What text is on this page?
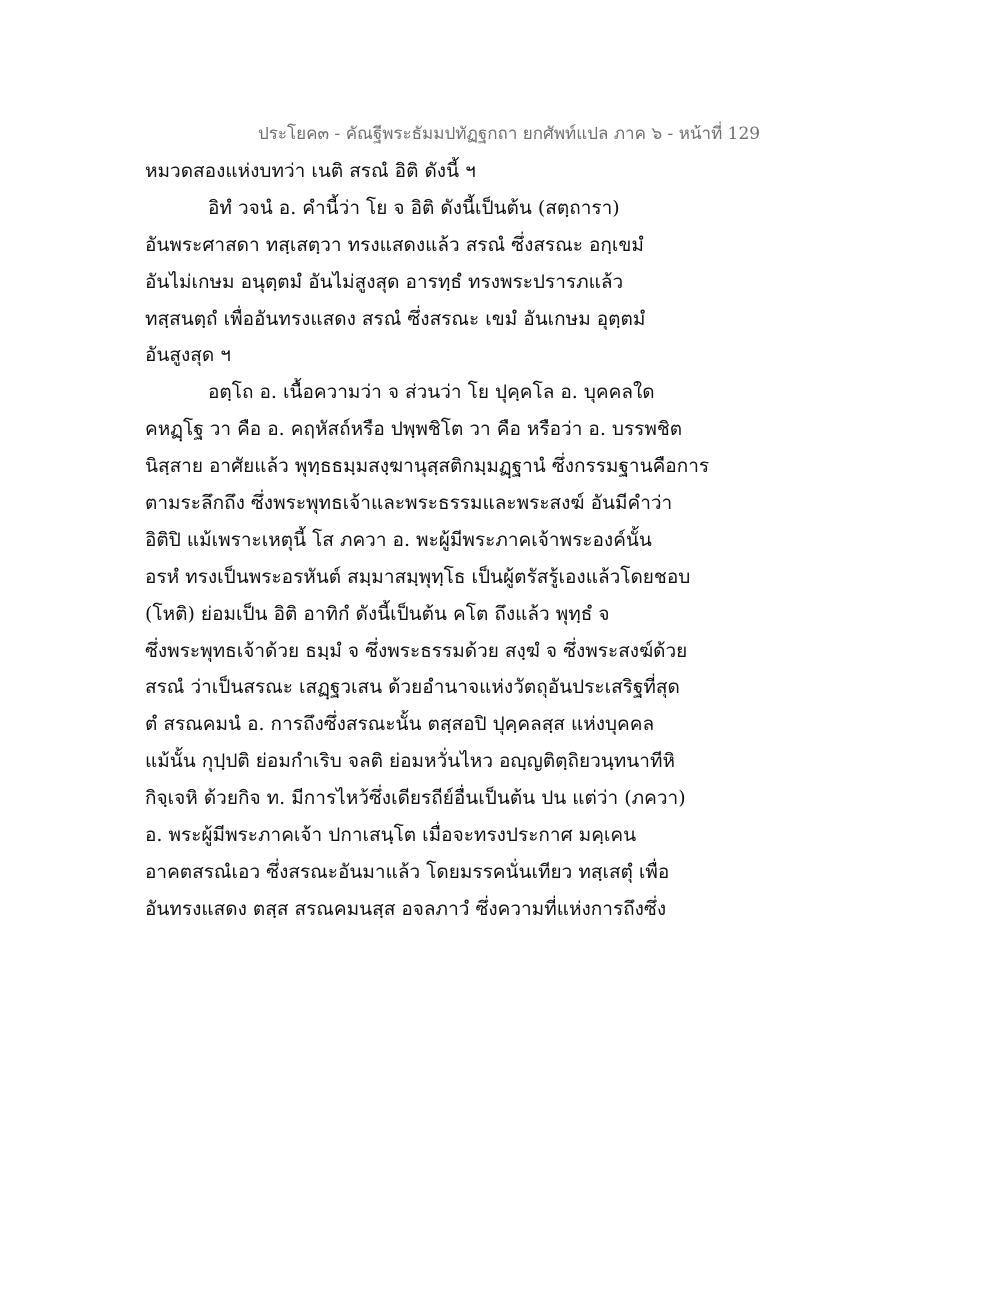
ประโยค๓ - คัณฐีพระธัมมปทัฏฐกถา ยกศัพท์แปล ภาค ๖ - หน้าที่ 129
หมวดสองแห่งบทว่า เนติ สรณํ อิติ ดังนี้ ฯ
อิทํ วจนํ อ. คำนี้ว่า โย จ อิติ ดังนี้เป็นต้น (สตฺถารา)
อันพระศาสดา ทสฺเสตฺวา ทรงแสดงแล้ว สรณํ ซึ่งสรณะ อกฺเขมํ
อันไม่เกษม อนุตฺตมํ อันไม่สูงสุด อารทฺธํ ทรงพระปรารภแล้ว
ทสฺสนตฺถํ เพื่ออันทรงแสดง สรณํ ซึ่งสรณะ เขมํ อันเกษม อุตฺตมํ
อันสูงสุด ฯ
อตฺโถ อ. เนื้อความว่า จ ส่วนว่า โย ปุคฺคโล อ. บุคคลใด
คหฏฺโฐ วา คือ อ. คฤหัสถ์หรือ ปพฺพชิโต วา คือ หรือว่า อ. บรรพชิต
นิสฺสาย อาศัยแล้ว พุทฺธธมฺมสงฺฆานุสฺสติกมฺมฏฺฐานํ ซึ่งกรรมฐานคือการ
ตามระลึกถึง ซึ่งพระพุทธเจ้าและพระธรรมและพระสงฆ์ อันมีคำว่า
อิติปิ แม้เพราะเหตุนี้ โส ภควา อ. พะผู้มีพระภาคเจ้าพระองค์นั้น
อรหํ ทรงเป็นพระอรหันต์ สมฺมาสมฺพุทฺโธ เป็นผู้ตรัสรู้เองแล้วโดยชอบ
(โหติ) ย่อมเป็น อิติ อาทิกํ ดังนี้เป็นต้น คโต ถึงแล้ว พุทฺธํ จ
ซึ่งพระพุทธเจ้าด้วย ธมฺมํ จ ซึ่งพระธรรมด้วย สงฺฆํ จ ซึ่งพระสงฆ์ด้วย
สรณํ ว่าเป็นสรณะ เสฏฺฐวเสน ด้วยอำนาจแห่งวัตถุอันประเสริฐที่สุด
ตํ สรณคมนํ อ. การถึงซึ่งสรณะนั้น ตสฺสอปิ ปุคฺคลสฺส แห่งบุคคล
แม้นั้น กุปฺปติ ย่อมกำเริบ จลติ ย่อมหวั่นไหว อญฺญติตฺถิยวนฺทนาทีหิ
กิจฺเจหิ ด้วยกิจ ท. มีการไหว้ซึ่งเดียรถีย์อื่นเป็นต้น ปน แต่ว่า (ภควา)
อ. พระผู้มีพระภาคเจ้า ปกาเสนฺโต เมื่อจะทรงประกาศ มคฺเคน
อาคตสรณํเอว ซึ่งสรณะอันมาแล้ว โดยมรรคนั่นเทียว ทสฺเสตุํ เพื่อ
อันทรงแสดง ตสฺส สรณคมนสฺส อจลภาวํ ซึ่งความที่แห่งการถึงซึ่ง
